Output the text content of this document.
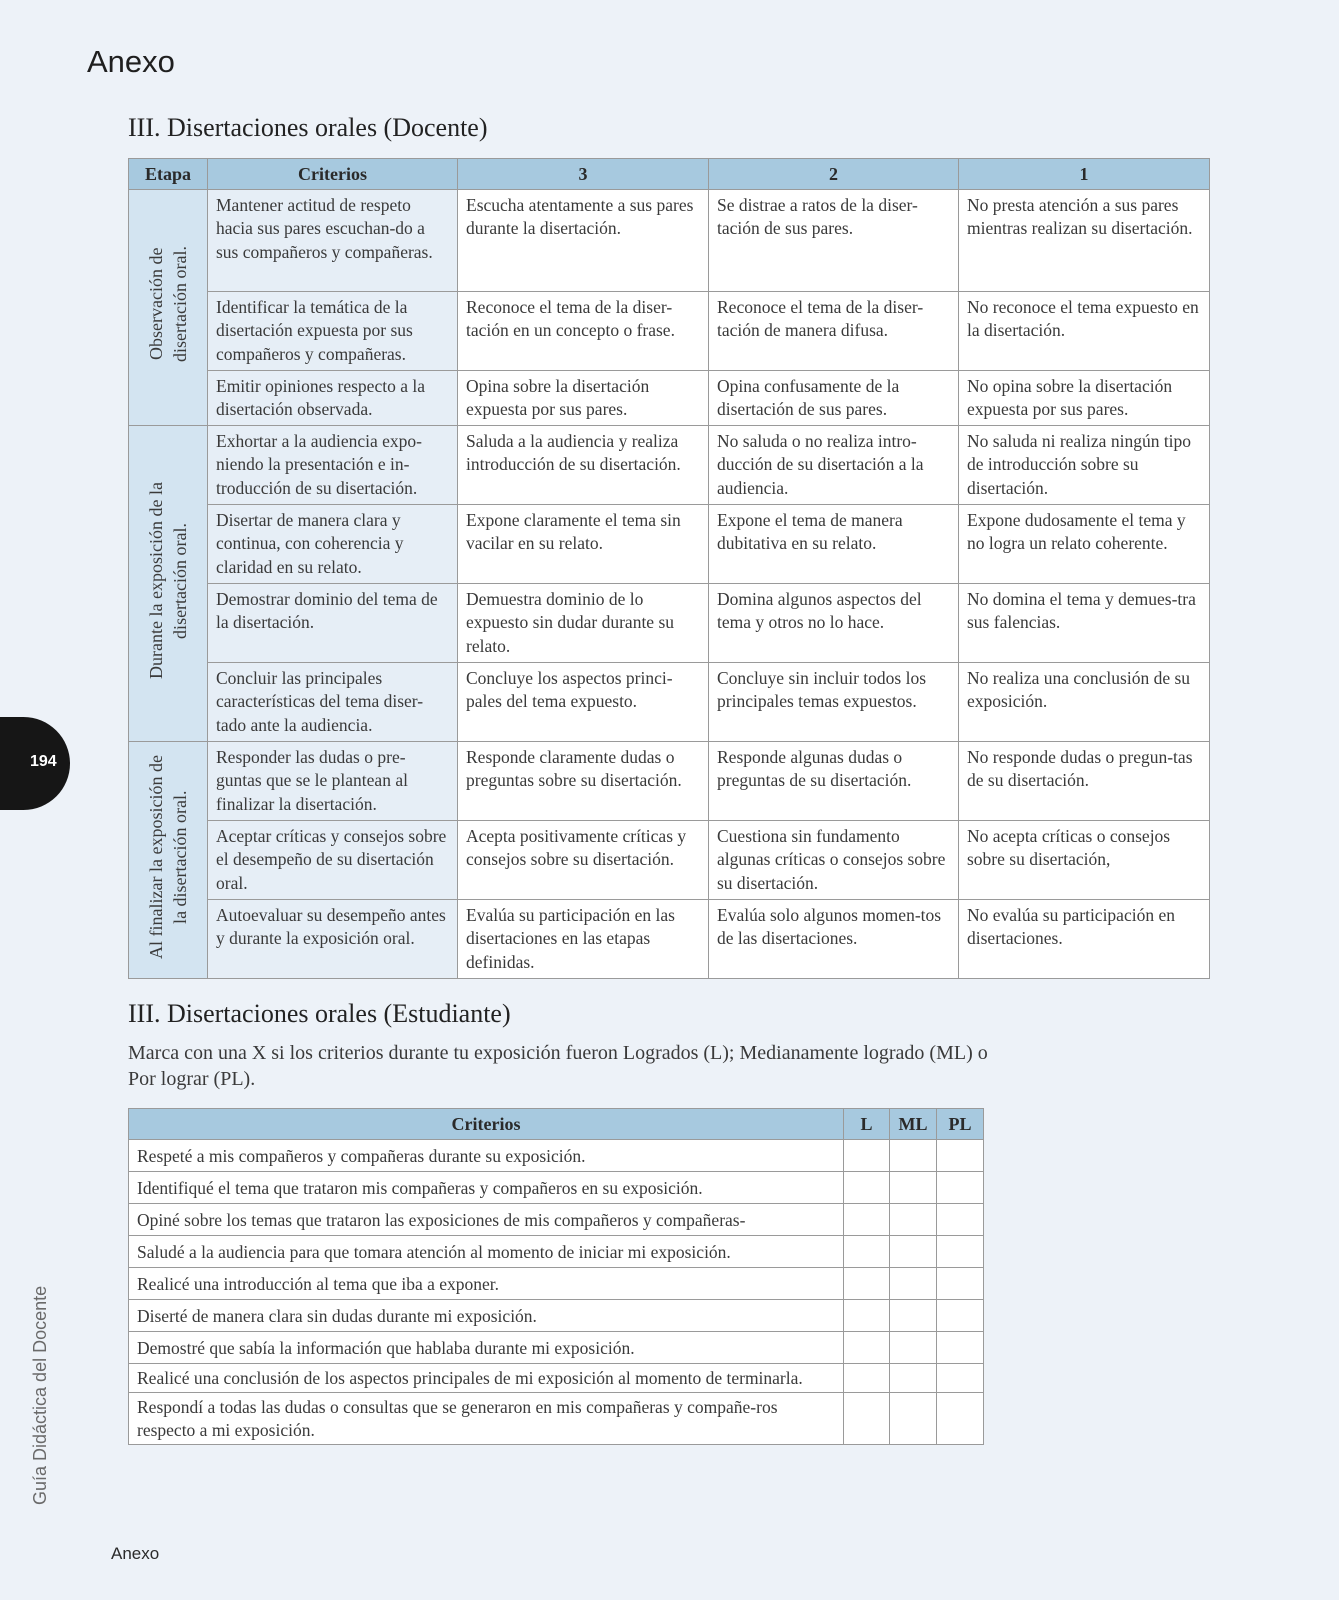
Anexo
III. Disertaciones orales (Docente)
Etapa	Criterios	3	2	1
Observación de disertación oral.	Mantener actitud de respeto hacia sus pares escuchan-do a sus compañeros y compañeras.	Escucha atentamente a sus pares durante la disertación.	Se distrae a ratos de la diser-tación de sus pares.	No presta atención a sus pares mientras realizan su disertación.
	Identificar la temática de la disertación expuesta por sus compañeros y compañeras.	Reconoce el tema de la diser-tación en un concepto o frase.	Reconoce el tema de la diser-tación de manera difusa.	No reconoce el tema expuesto en la disertación.
	Emitir opiniones respecto a la disertación observada.	Opina sobre la disertación expuesta por sus pares.	Opina confusamente de la disertación de sus pares.	No opina sobre la disertación expuesta por sus pares.
Durante la exposición de la disertación oral.	Exhortar a la audiencia expo-niendo la presentación e in-troducción de su disertación.	Saluda a la audiencia y realiza introducción de su disertación.	No saluda o no realiza intro-ducción de su disertación a la audiencia.	No saluda ni realiza ningún tipo de introducción sobre su disertación.
	Disertar de manera clara y continua, con coherencia y claridad en su relato.	Expone claramente el tema sin vacilar en su relato.	Expone el tema de manera dubitativa en su relato.	Expone dudosamente el tema y no logra un relato coherente.
	Demostrar dominio del tema de la disertación.	Demuestra dominio de lo expuesto sin dudar durante su relato.	Domina algunos aspectos del tema y otros no lo hace.	No domina el tema y demues-tra sus falencias.
	Concluir las principales características del tema diser-tado ante la audiencia.	Concluye los aspectos princi-pales del tema expuesto.	Concluye sin incluir todos los principales temas expuestos.	No realiza una conclusión de su exposición.
Al finalizar la exposición de la disertación oral.	Responder las dudas o pre-guntas que se le plantean al finalizar la disertación.	Responde claramente dudas o preguntas sobre su disertación.	Responde algunas dudas o preguntas de su disertación.	No responde dudas o pregun-tas de su disertación.
	Aceptar críticas y consejos sobre el desempeño de su disertación oral.	Acepta positivamente críticas y consejos sobre su disertación.	Cuestiona sin fundamento algunas críticas o consejos sobre su disertación.	No acepta críticas o consejos sobre su disertación,
	Autoevaluar su desempeño antes y durante la exposición oral.	Evalúa su participación en las disertaciones en las etapas definidas.	Evalúa solo algunos momen-tos de las disertaciones.	No evalúa su participación en disertaciones.
III. Disertaciones orales (Estudiante)

Marca con una X si los criterios durante tu exposición fueron Logrados (L); Medianamente logrado (ML) o Por lograr (PL).

Criterios	L	ML	PL
Respeté a mis compañeros y compañeras durante su exposición.			
Identifiqué el tema que trataron mis compañeras y compañeros en su exposición.			
Opiné sobre los temas que trataron las exposiciones de mis compañeros y compañeras-			
Saludé a la audiencia para que tomara atención al momento de iniciar mi exposición.			
Realicé una introducción al tema que iba a exponer.			
Diserté de manera clara sin dudas durante mi exposición.			
Demostré que sabía la información que hablaba durante mi exposición.			
Realicé una conclusión de los aspectos principales de mi exposición al momento de terminarla.			
Respondí a todas las dudas o consultas que se generaron en mis compañeras y compañe-ros respecto a mi exposición.			
194
Guía Didáctica del Docente
Anexo
